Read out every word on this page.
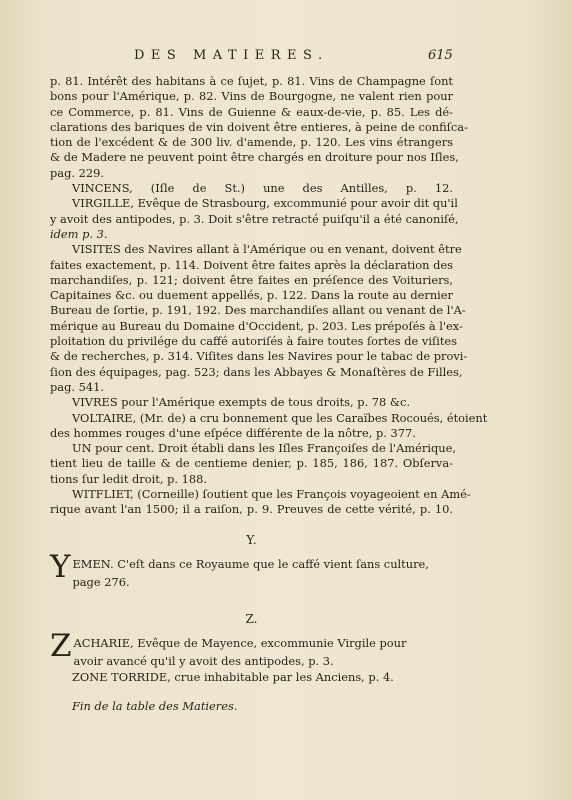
DES MATIERES.	615
p. 81. Intérêt des habitans à ce ſujet, p. 81. Vins de Champagne ſont
bons pour l'Amérique, p. 82. Vins de Bourgogne, ne valent rien pour
ce Commerce, p. 81. Vins de Guienne & eaux-de-vie, p. 85. Les dé-
clarations des bariques de vin doivent être entieres, à peine de confiſca-
tion de l'excédent & de 300 liv. d'amende, p. 120. Les vins étrangers
& de Madere ne peuvent point être chargés en droiture pour nos Iſles,
pag. 229.
VINCENS, (Iſle de St.) une des Antilles, p. 12.
VIRGILLE, Evêque de Strasbourg, excommunié pour avoir dit qu'il
y avoit des antipodes, p. 3. Doit s'être retracté puiſqu'il a été canoniſé,
idem p. 3.
VISITES des Navires allant à l'Amérique ou en venant, doivent être
faites exactement, p. 114. Doivent être faites après la déclaration des
marchandiſes, p. 121; doivent être faites en préſence des Voituriers,
Capitaines &c. ou duement appellés, p. 122. Dans la route au dernier
Bureau de ſortie, p. 191, 192. Des marchandiſes allant ou venant de l'A-
mérique au Bureau du Domaine d'Occident, p. 203. Les prépoſés à l'ex-
ploitation du privilége du caffé autoriſés à faire toutes ſortes de viſites
& de recherches, p. 314. Viſites dans les Navires pour le tabac de provi-
ſion des équipages, pag. 523; dans les Abbayes & Monaſtères de Filles,
pag. 541.
VIVRES pour l'Amérique exempts de tous droits, p. 78 &c.
VOLTAIRE, (Mr. de) a cru bonnement que les Caraïbes Rocoués, étoient
des hommes rouges d'une eſpéce différente de la nôtre, p. 377.
UN pour cent. Droit établi dans les Iſles Françoiſes de l'Amérique,
tient lieu de taille & de centieme denier, p. 185, 186, 187. Obſerva-
tions ſur ledit droit, p. 188.
WITFLIET, (Corneille) ſoutient que les François voyageoient en Amé-
rique avant l'an 1500; il a raiſon, p. 9. Preuves de cette vérité, p. 10.
Y.
Y EMEN. C'eſt dans ce Royaume que le caffé vient ſans culture,
page 276.
Z.
Z ACHARIE, Evêque de Mayence, excommunie Virgile pour
avoir avancé qu'il y avoit des antipodes, p. 3.
ZONE TORRIDE, crue inhabitable par les Anciens, p. 4.
Fin de la table des Matieres.
